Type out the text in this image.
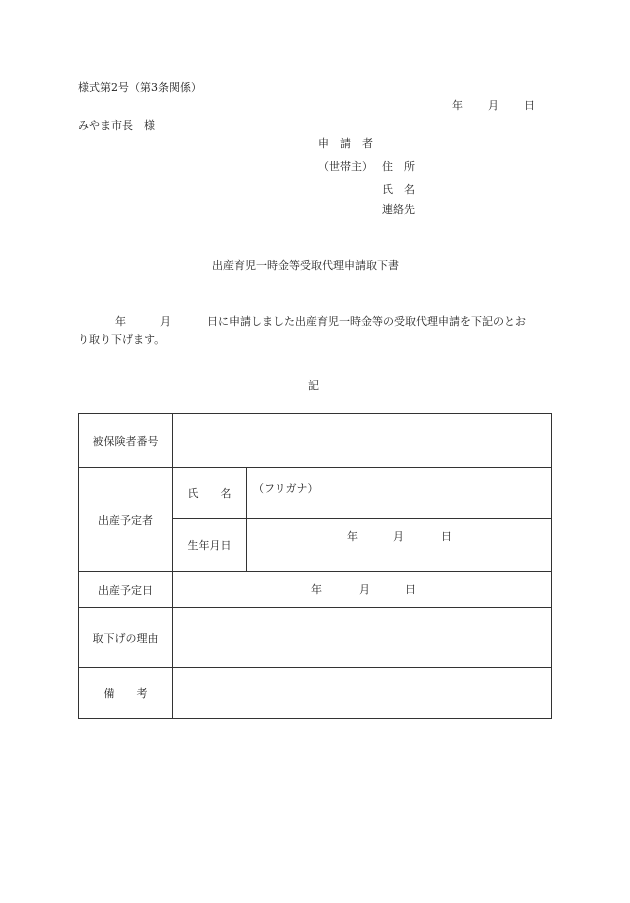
様式第2号（第3条関係）
年 月 日
みやま市長　様
申　請　者
（世帯主） 住　所
氏　名
連絡先
出産育児一時金等受取代理申請取下書
年	月	日に申請しました出産育児一時金等の受取代理申請を下記のとお
り取り下げます。
記
被保険者番号		
出産予定者	氏　　名	（フリガナ）

	生年月日	年 月 日

出産予定日	年 月 日	

取下げの理由		
備　　考		
